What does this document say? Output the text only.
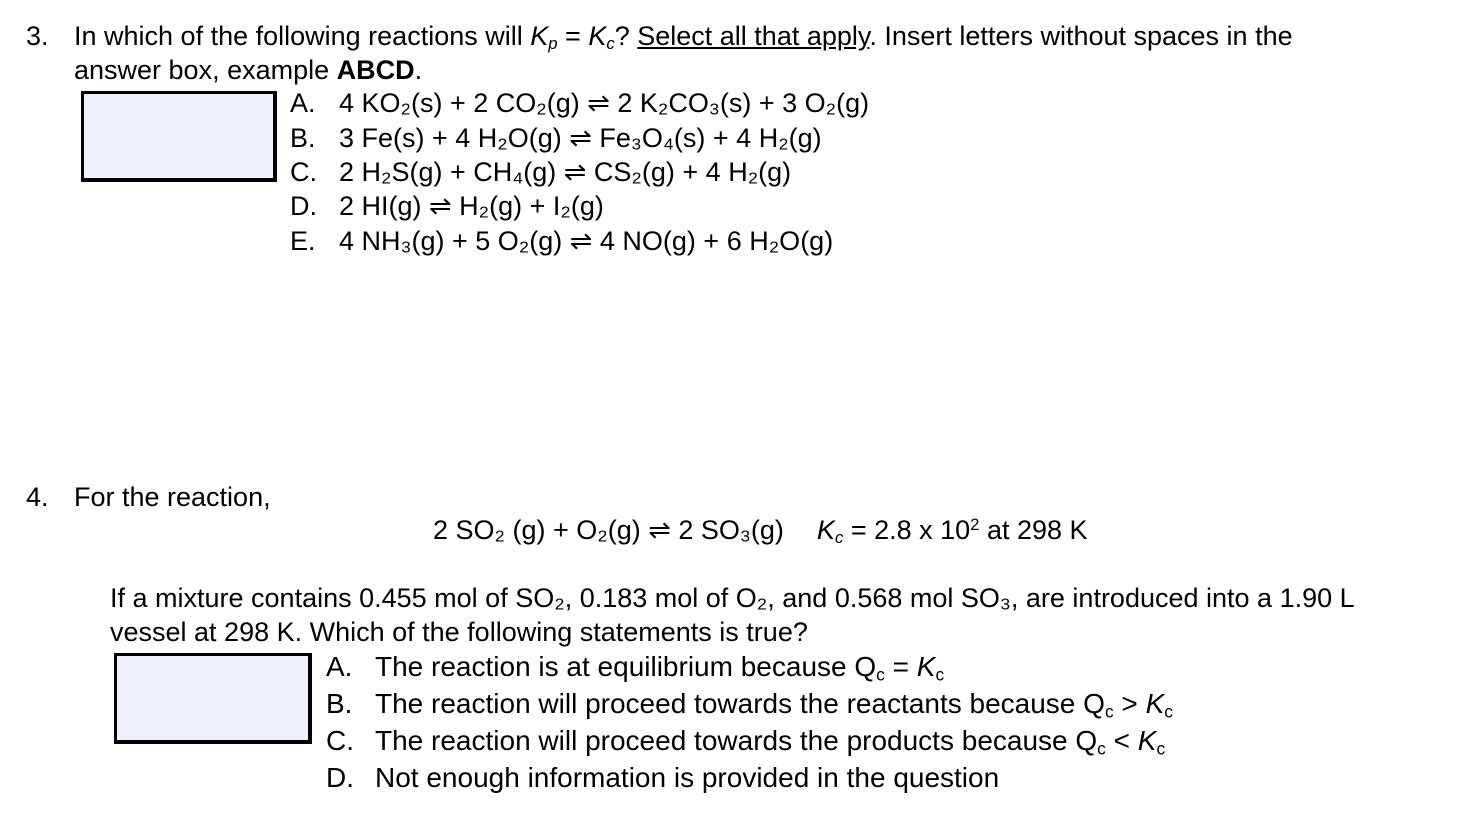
3. In which of the following reactions will $K_p = K_c$? Select all that apply. Insert letters without spaces in the
answer box, example ABCD.
A. 4 KO₂(s) + 2 CO₂(g) ⇌ 2 K₂CO₃(s) + 3 O₂(g)
B. 3 Fe(s) + 4 H₂O(g) ⇌ Fe₃O₄(s) + 4 H₂(g)
C. 2 H₂S(g) + CH₄(g) ⇌ CS₂(g) + 4 H₂(g)
D. 2 HI(g) ⇌ H₂(g) + I₂(g)
E. 4 NH₃(g) + 5 O₂(g) ⇌ 4 NO(g) + 6 H₂O(g)
4. For the reaction,
2 SO₂ (g) + O₂(g) ⇌ 2 SO₃(g) $K_c = 2.8$ x $10^2$ at 298 K
If a mixture contains 0.455 mol of SO₂, 0.183 mol of O₂, and 0.568 mol SO₃, are introduced into a 1.90 L
vessel at 298 K. Which of the following statements is true?
A. The reaction is at equilibrium because $Q_c = K_c$
B. The reaction will proceed towards the reactants because $Q_c > K_c$
C. The reaction will proceed towards the products because $Q_c < K_c$
D. Not enough information is provided in the question
